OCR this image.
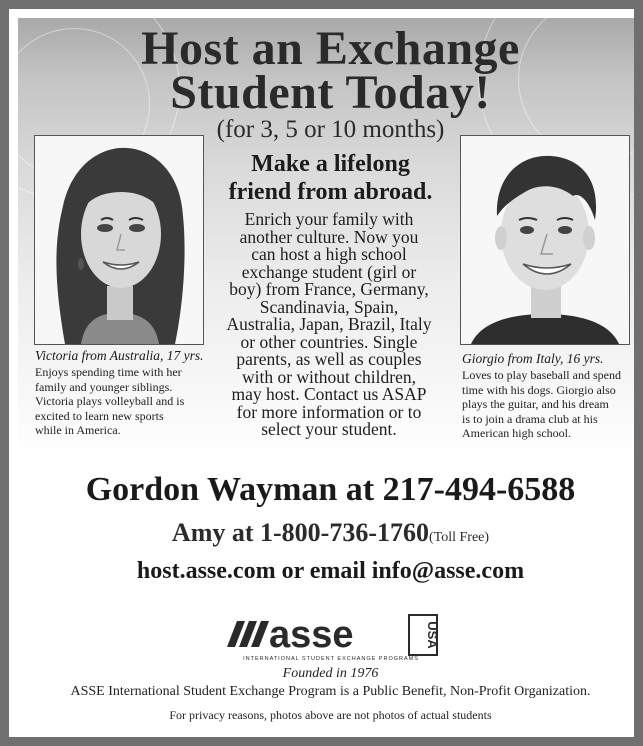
Host an Exchange
Student Today!
(for 3, 5 or 10 months)
Make a lifelong
friend from abroad.
Enrich your family with
another culture. Now you
can host a high school
exchange student (girl or
boy) from France, Germany,
Scandinavia, Spain,
Australia, Japan, Brazil, Italy
or other countries. Single
parents, as well as couples
with or without children,
may host. Contact us ASAP
for more information or to
select your student.
Victoria from Australia, 17 yrs.
Enjoys spending time with her
family and younger siblings.
Victoria plays volleyball and is
excited to learn new sports
while in America.
Giorgio from Italy, 16 yrs.
Loves to play baseball and spend
time with his dogs. Giorgio also
plays the guitar, and his dream
is to join a drama club at his
American high school.
Gordon Wayman at 217-494-6588
Amy at 1-800-736-1760(Toll Free)
host.asse.com or email info@asse.com
asse	USA
INTERNATIONAL STUDENT EXCHANGE PROGRAMS
Founded in 1976
ASSE International Student Exchange Program is a Public Benefit, Non-Profit Organization.
For privacy reasons, photos above are not photos of actual students
